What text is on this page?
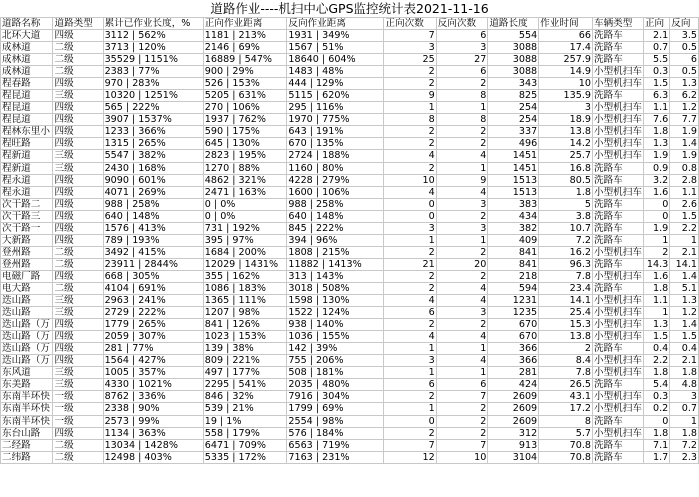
道路作业----机扫中心GPS监控统计表2021-11-16
道路名称	道路类型	累计已作业长度，%	正向作业距离	反向作业距离	正向次数	反向次数	道路长度	作业时间	车辆类型	正向	反向
北环大道	四级	3112 | 562%	1181 | 213%	1931 | 349%	7	6	554	66	洗路车	2.1	3.5
成林道	二级	3713 | 120%	2146 | 69%	1567 | 51%	3	3	3088	17.4	洗路车	0.7	0.5
成林道	二级	35529 | 1151%	16889 | 547%	18640 | 604%	25	27	3088	257.9	洗路车	5.5	6
成林道	二级	2383 | 77%	900 | 29%	1483 | 48%	2	6	3088	14.9	小型机扫车	0.3	0.5
程春路	四级	970 | 283%	526 | 153%	444 | 129%	2	2	343	10	小型机扫车	1.5	1.3
程昆道	三级	10320 | 1251%	5205 | 631%	5115 | 620%	9	8	825	135.9	洗路车	6.3	6.2
程昆道	四级	565 | 222%	270 | 106%	295 | 116%	1	1	254	3	小型机扫车	1.1	1.2
程昆道	四级	3907 | 1537%	1937 | 762%	1970 | 775%	8	8	254	18.9	小型机扫车	7.6	7.7
程林东里小	四级	1233 | 366%	590 | 175%	643 | 191%	2	2	337	13.8	小型机扫车	1.8	1.9
程旺路	四级	1315 | 265%	645 | 130%	670 | 135%	2	2	496	14.2	小型机扫车	1.3	1.4
程新道	三级	5547 | 382%	2823 | 195%	2724 | 188%	4	4	1451	25.7	小型机扫车	1.9	1.9
程新道	三级	2430 | 168%	1270 | 88%	1160 | 80%	2	1	1451	16.8	洗路车	0.9	0.8
程永道	四级	9090 | 601%	4862 | 321%	4228 | 279%	10	9	1513	80.5	洗路车	3.2	2.8
程永道	四级	4071 | 269%	2471 | 163%	1600 | 106%	4	4	1513	1.8	小型机扫车	1.6	1.1
次干路二	四级	988 | 258%	0 | 0%	988 | 258%	0	3	383	5	洗路车	0	2.6
次干路三	四级	640 | 148%	0 | 0%	640 | 148%	0	2	434	3.8	洗路车	0	1.5
次干路一	四级	1576 | 413%	731 | 192%	845 | 222%	3	3	382	10.7	洗路车	1.9	2.2
大新路	四级	789 | 193%	395 | 97%	394 | 96%	1	1	409	7.2	洗路车	1	1
登州路	二级	3492 | 415%	1684 | 200%	1808 | 215%	2	2	841	16.2	小型机扫车	2	2.1
登州路	二级	23911 | 2844%	12029 | 1431%	11882 | 1413%	21	20	841	96.3	洗路车	14.3	14.1
电磁厂路	四级	668 | 305%	355 | 162%	313 | 143%	2	2	218	7.8	小型机扫车	1.6	1.4
电大路	二级	4104 | 691%	1086 | 183%	3018 | 508%	2	4	594	23.4	洗路车	1.8	5.1
迭山路	三级	2963 | 241%	1365 | 111%	1598 | 130%	4	4	1231	14.1	小型机扫车	1.1	1.3
迭山路	三级	2729 | 222%	1207 | 98%	1522 | 124%	6	3	1235	25.4	小型机扫车	1	1.2
迭山路（万	四级	1779 | 265%	841 | 126%	938 | 140%	2	2	670	15.3	小型机扫车	1.3	1.4
迭山路（万	四级	2059 | 307%	1023 | 153%	1036 | 155%	4	4	670	13.8	小型机扫车	1.5	1.5
迭山路（万	四级	281 | 77%	139 | 38%	142 | 39%	1	1	366	2	洗路车	0.4	0.4
迭山路（万	四级	1564 | 427%	809 | 221%	755 | 206%	3	4	366	8.4	小型机扫车	2.2	2.1
东风道	三级	1005 | 357%	497 | 177%	508 | 181%	1	1	281	7.8	小型机扫车	1.8	1.8
东美路	三级	4330 | 1021%	2295 | 541%	2035 | 480%	6	6	424	26.5	洗路车	5.4	4.8
东南半环快	一级	8762 | 336%	846 | 32%	7916 | 304%	2	7	2609	43.1	小型机扫车	0.3	3
东南半环快	一级	2338 | 90%	539 | 21%	1799 | 69%	1	2	2609	17.2	小型机扫车	0.2	0.7
东南半环快	一级	2573 | 99%	19 | 1%	2554 | 98%	0	2	2609	8	洗路车	0	1
东台山路	四级	1134 | 363%	558 | 179%	576 | 184%	2	2	312	5.7	小型机扫车	1.8	1.8
二经路	二级	13034 | 1428%	6471 | 709%	6563 | 719%	7	7	913	70.8	洗路车	7.1	7.2
二纬路	二级	12498 | 403%	5335 | 172%	7163 | 231%	12	10	3104	70.8	洗路车	1.7	2.3
